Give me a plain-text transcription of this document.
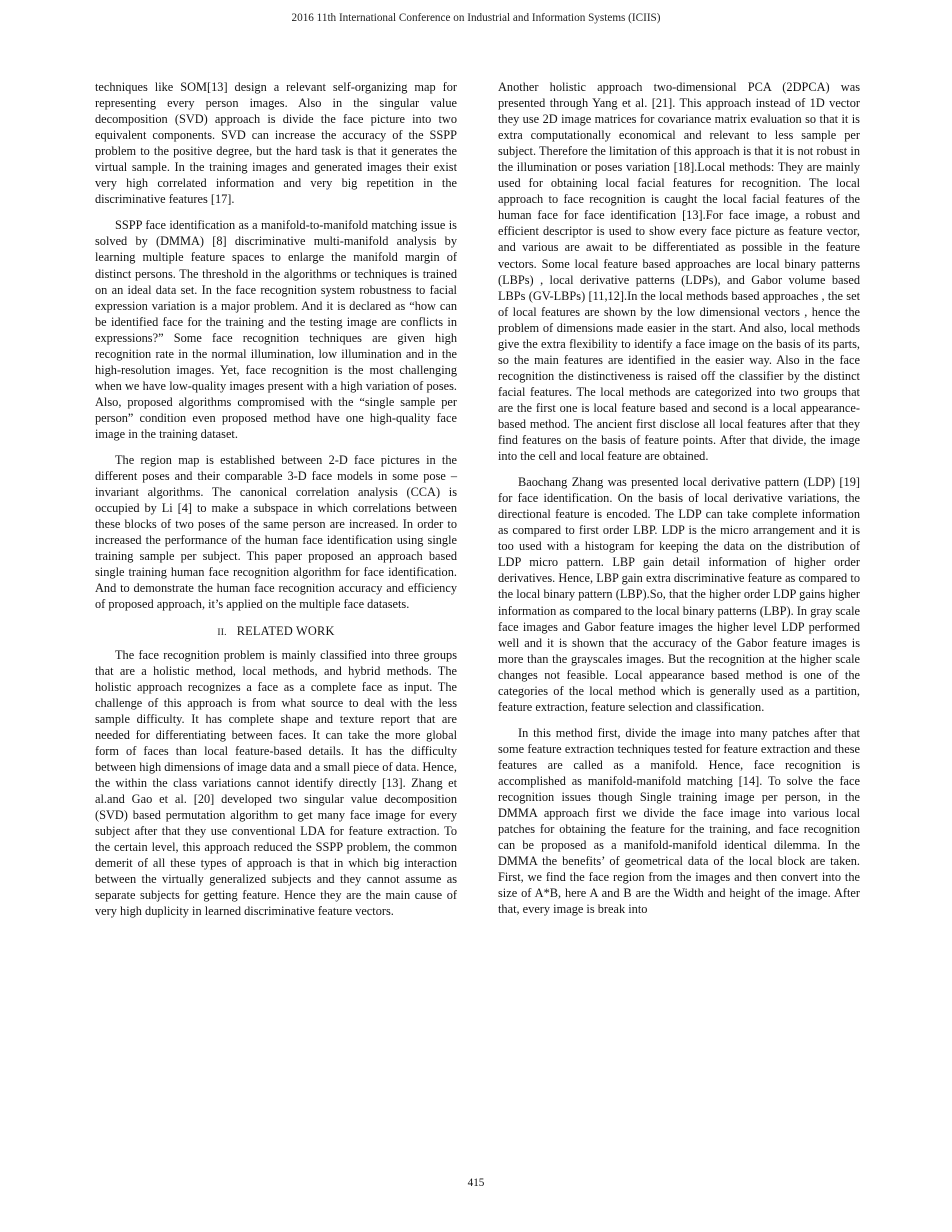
2016 11th International Conference on Industrial and Information Systems (ICIIS)

techniques like SOM[13] design a relevant self-organizing map for representing every person images. Also in the singular value decomposition (SVD) approach is divide the face picture into two equivalent components. SVD can increase the accuracy of the SSPP problem to the positive degree, but the hard task is that it generates the virtual sample. In the training images and generated images their exist very high correlated information and very big repetition in the discriminative features [17].

SSPP face identification as a manifold-to-manifold matching issue is solved by (DMMA) [8] discriminative multi-manifold analysis by learning multiple feature spaces to enlarge the manifold margin of distinct persons. The threshold in the algorithms or techniques is trained on an ideal data set. In the face recognition system robustness to facial expression variation is a major problem. And it is declared as “how can be identified face for the training and the testing image are conflicts in expressions?” Some face recognition techniques are given high recognition rate in the normal illumination, low illumination and in the high-resolution images. Yet, face recognition is the most challenging when we have low-quality images present with a high variation of poses. Also, proposed algorithms compromised with the “single sample per person” condition even proposed method have one high-quality face image in the training dataset.

The region map is established between 2-D face pictures in the different poses and their comparable 3-D face models in some pose –invariant algorithms. The canonical correlation analysis (CCA) is occupied by Li [4] to make a subspace in which correlations between these blocks of two poses of the same person are increased. In order to increased the performance of the human face identification using single training sample per subject. This paper proposed an approach based single training human face recognition algorithm for face identification. And to demonstrate the human face recognition accuracy and efficiency of proposed approach, it’s applied on the multiple face datasets.

II. RELATED WORK

The face recognition problem is mainly classified into three groups that are a holistic method, local methods, and hybrid methods. The holistic approach recognizes a face as a complete face as input. The challenge of this approach is from what source to deal with the less sample difficulty. It has complete shape and texture report that are needed for differentiating between faces. It can take the more global form of faces than local feature-based details. It has the difficulty between high dimensions of image data and a small piece of data. Hence, the within the class variations cannot identify directly [13]. Zhang et al.and Gao et al. [20] developed two singular value decomposition (SVD) based permutation algorithm to get many face image for every subject after that they use conventional LDA for feature extraction. To the certain level, this approach reduced the SSPP problem, the common demerit of all these types of approach is that in which big interaction between the virtually generalized subjects and they cannot assume as separate subjects for getting feature. Hence they are the main cause of very high duplicity in learned discriminative feature vectors.

Another holistic approach two-dimensional PCA (2DPCA) was presented through Yang et al. [21]. This approach instead of 1D vector they use 2D image matrices for covariance matrix evaluation so that it is extra computationally economical and relevant to less sample per subject. Therefore the limitation of this approach is that it is not robust in the illumination or poses variation [18].Local methods: They are mainly used for obtaining local facial features for recognition. The local approach to face recognition is caught the local facial features of the human face for face identification [13].For face image, a robust and efficient descriptor is used to show every face picture as feature vector, and various are await to be differentiated as possible in the feature vectors. Some local feature based approaches are local binary patterns (LBPs) , local derivative patterns (LDPs), and Gabor volume based LBPs (GV-LBPs) [11,12].In the local methods based approaches , the set of local features are shown by the low dimensional vectors , hence the problem of dimensions made easier in the start. And also, local methods give the extra flexibility to identify a face image on the basis of its parts, so the main features are identified in the easier way. Also in the face recognition the distinctiveness is raised off the classifier by the distinct facial features. The local methods are categorized into two groups that are the first one is local feature based and second is a local appearance-based method. The ancient first disclose all local features after that they find features on the basis of feature points. After that divide, the image into the cell and local feature are obtained.

Baochang Zhang was presented local derivative pattern (LDP) [19] for face identification. On the basis of local derivative variations, the directional feature is encoded. The LDP can take complete information as compared to first order LBP. LDP is the micro arrangement and it is too used with a histogram for keeping the data on the distribution of LDP micro pattern. LBP gain detail information of higher order derivatives. Hence, LBP gain extra discriminative feature as compared to the local binary pattern (LBP).So, that the higher order LDP gains higher information as compared to the local binary patterns (LBP). In gray scale face images and Gabor feature images the higher level LDP performed well and it is shown that the accuracy of the Gabor feature images is more than the grayscales images. But the recognition at the higher scale changes not feasible. Local appearance based method is one of the categories of the local method which is generally used as a partition, feature extraction, feature selection and classification.

In this method first, divide the image into many patches after that some feature extraction techniques tested for feature extraction and these features are called as a manifold. Hence, face recognition is accomplished as manifold-manifold matching [14]. To solve the face recognition issues though Single training image per person, in the DMMA approach first we divide the face image into various local patches for obtaining the feature for the training, and face recognition can be proposed as a manifold-manifold identical dilemma. In the DMMA the benefits’ of geometrical data of the local block are taken. First, we find the face region from the images and then convert into the size of A*B, here A and B are the Width and height of the image. After that, every image is break into

415
